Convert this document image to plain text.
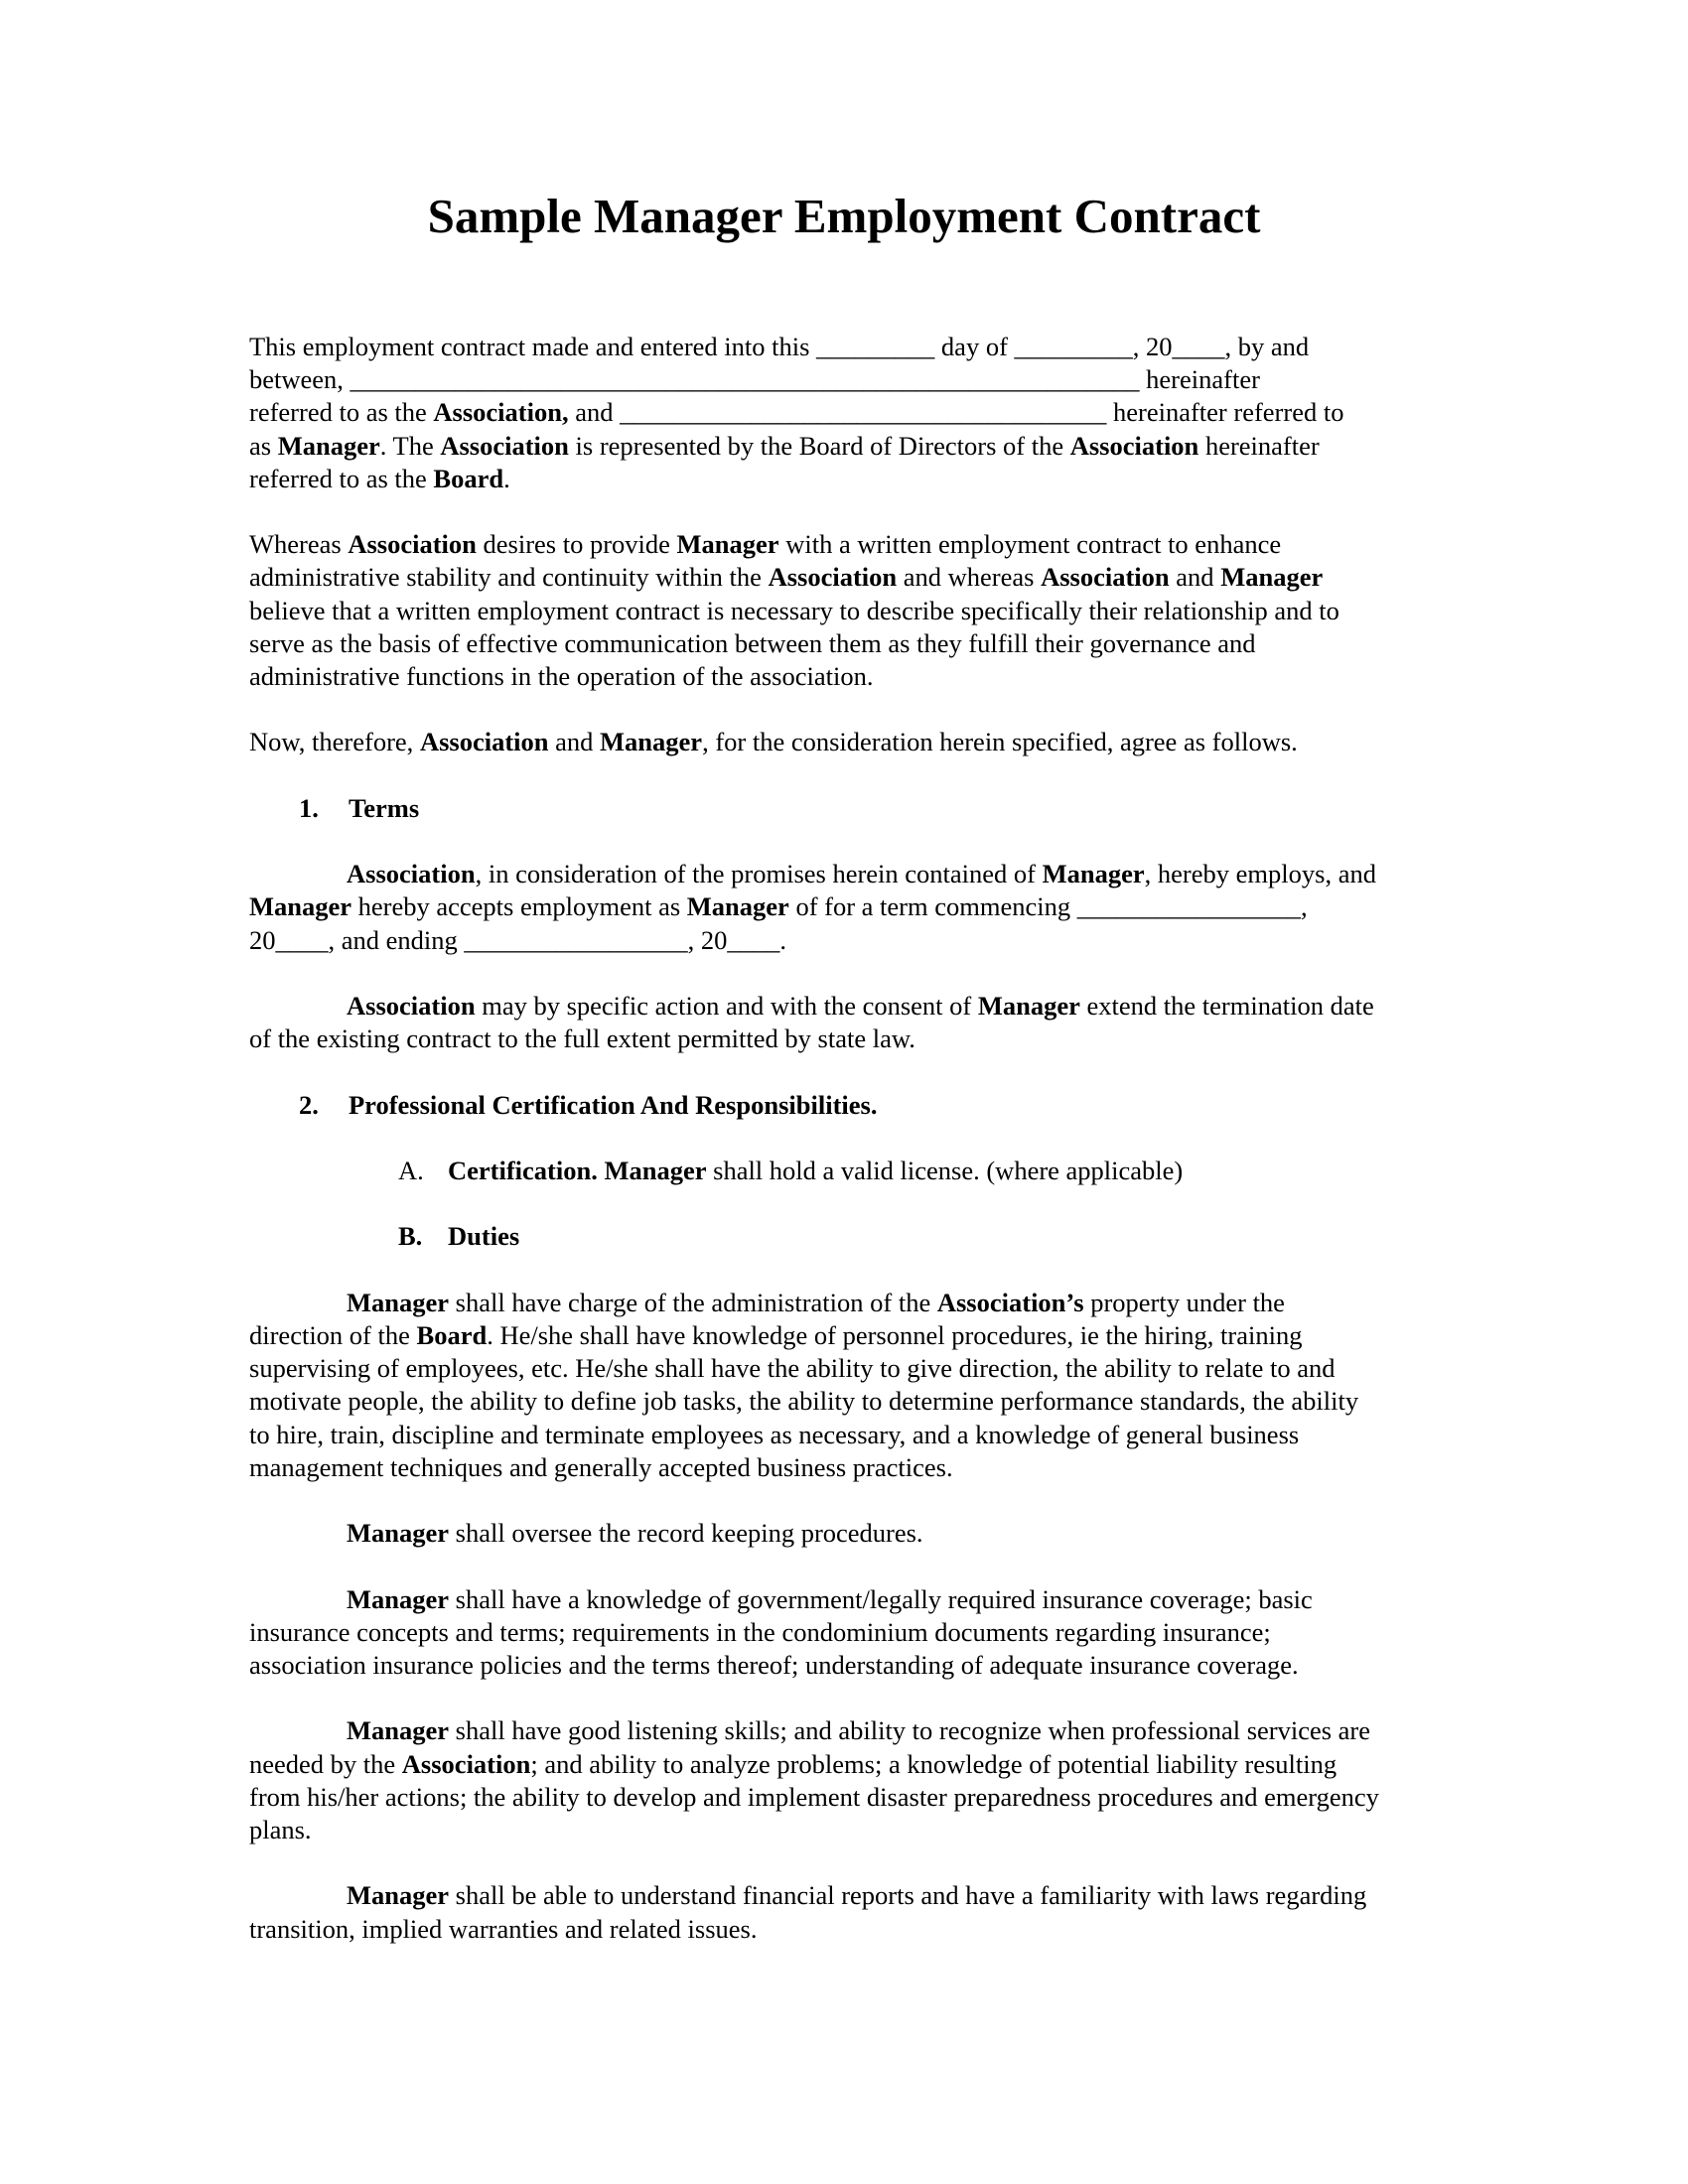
Sample Manager Employment Contract

This employment contract made and entered into this _________ day of _________, 20____, by and
between, ____________________________________________________________ hereinafter
referred to as the Association, and _____________________________________ hereinafter referred to
as Manager. The Association is represented by the Board of Directors of the Association hereinafter
referred to as the Board.

Whereas Association desires to provide Manager with a written employment contract to enhance
administrative stability and continuity within the Association and whereas Association and Manager
believe that a written employment contract is necessary to describe specifically their relationship and to
serve as the basis of effective communication between them as they fulfill their governance and
administrative functions in the operation of the association.

Now, therefore, Association and Manager, for the consideration herein specified, agree as follows.

1. Terms

Association, in consideration of the promises herein contained of Manager, hereby employs, and
Manager hereby accepts employment as Manager of for a term commencing _________________,
20____, and ending _________________, 20____.

Association may by specific action and with the consent of Manager extend the termination date
of the existing contract to the full extent permitted by state law.

2. Professional Certification And Responsibilities.

A. Certification. Manager shall hold a valid license. (where applicable)

B. Duties

Manager shall have charge of the administration of the Association’s property under the
direction of the Board. He/she shall have knowledge of personnel procedures, ie the hiring, training
supervising of employees, etc. He/she shall have the ability to give direction, the ability to relate to and
motivate people, the ability to define job tasks, the ability to determine performance standards, the ability
to hire, train, discipline and terminate employees as necessary, and a knowledge of general business
management techniques and generally accepted business practices.

Manager shall oversee the record keeping procedures.

Manager shall have a knowledge of government/legally required insurance coverage; basic
insurance concepts and terms; requirements in the condominium documents regarding insurance;
association insurance policies and the terms thereof; understanding of adequate insurance coverage.

Manager shall have good listening skills; and ability to recognize when professional services are
needed by the Association; and ability to analyze problems; a knowledge of potential liability resulting
from his/her actions; the ability to develop and implement disaster preparedness procedures and emergency
plans.

Manager shall be able to understand financial reports and have a familiarity with laws regarding
transition, implied warranties and related issues.
